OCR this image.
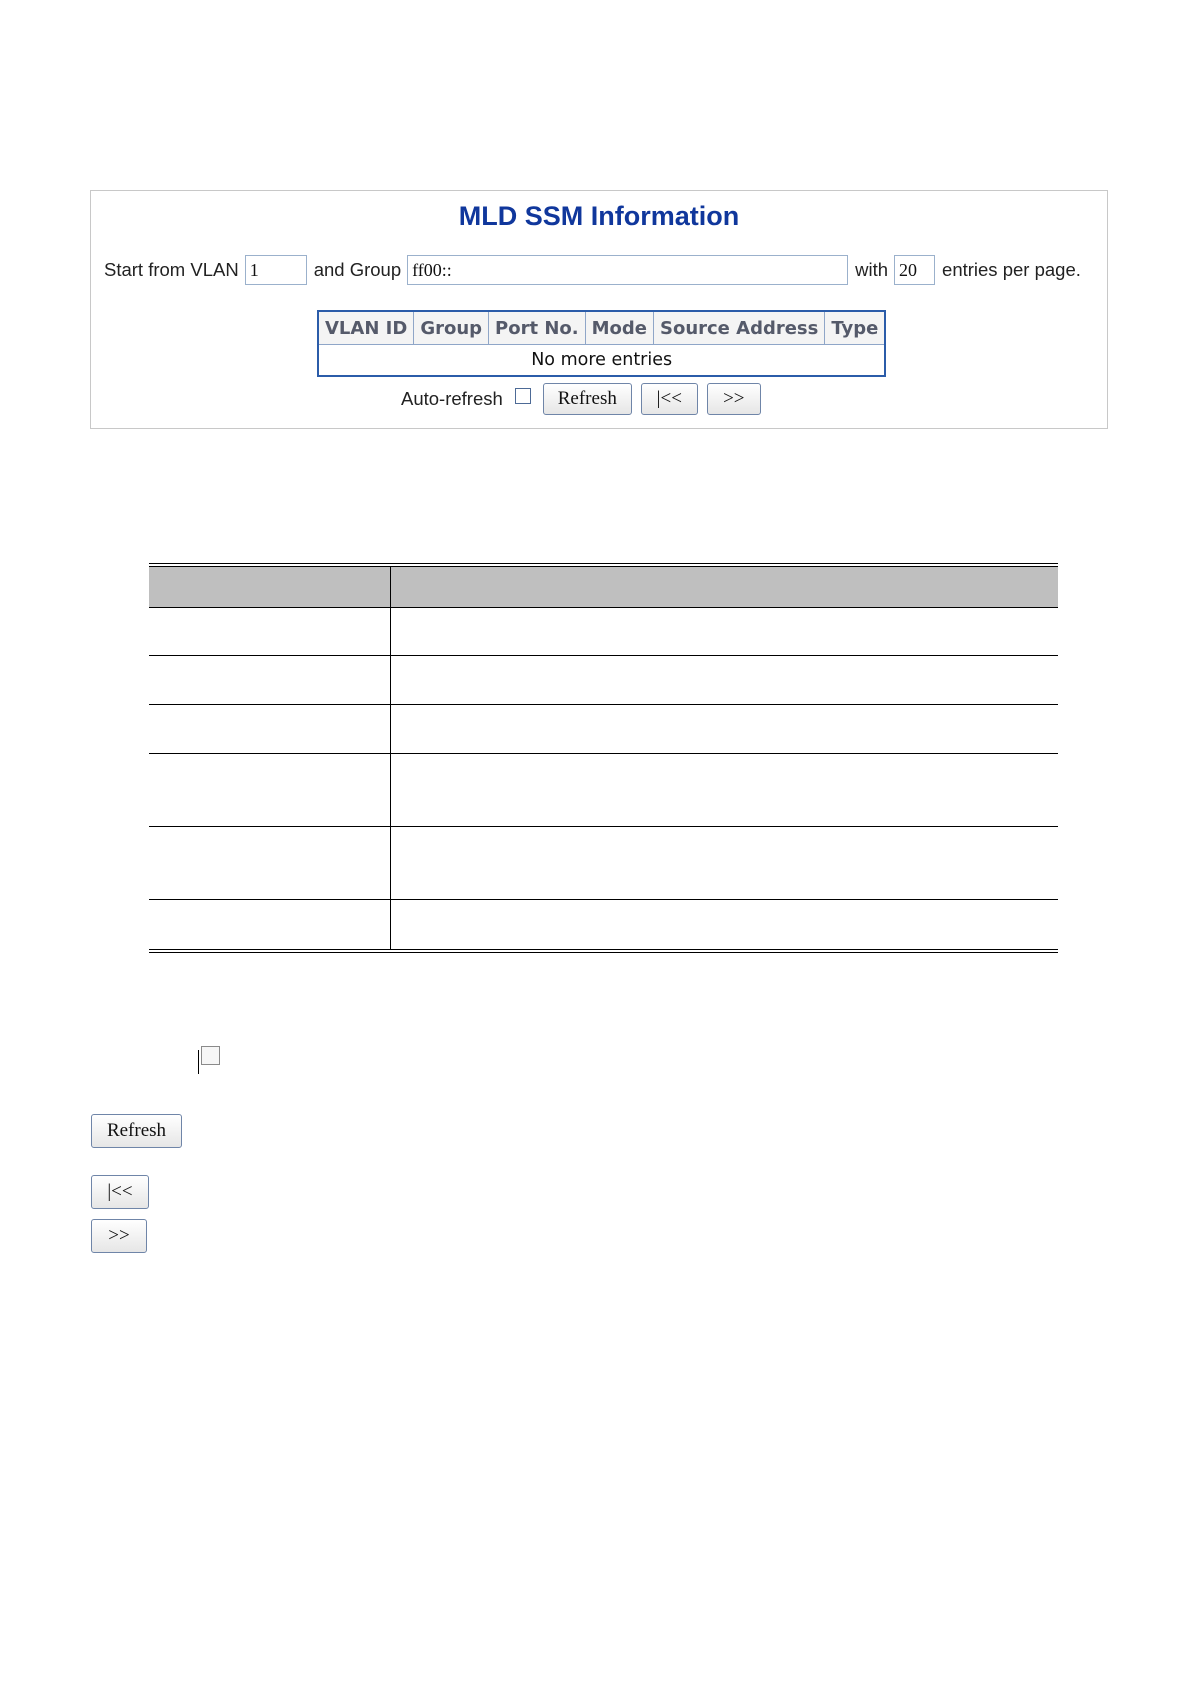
MLD SSM Information
Start from VLAN
1	and Group
ff00::	with
20	entries per page.
VLAN ID	Group	Port No.	Mode	Source Address	Type
No more entries
Auto-refresh	Refresh	|<<	>>
Refresh
|<<
>>
